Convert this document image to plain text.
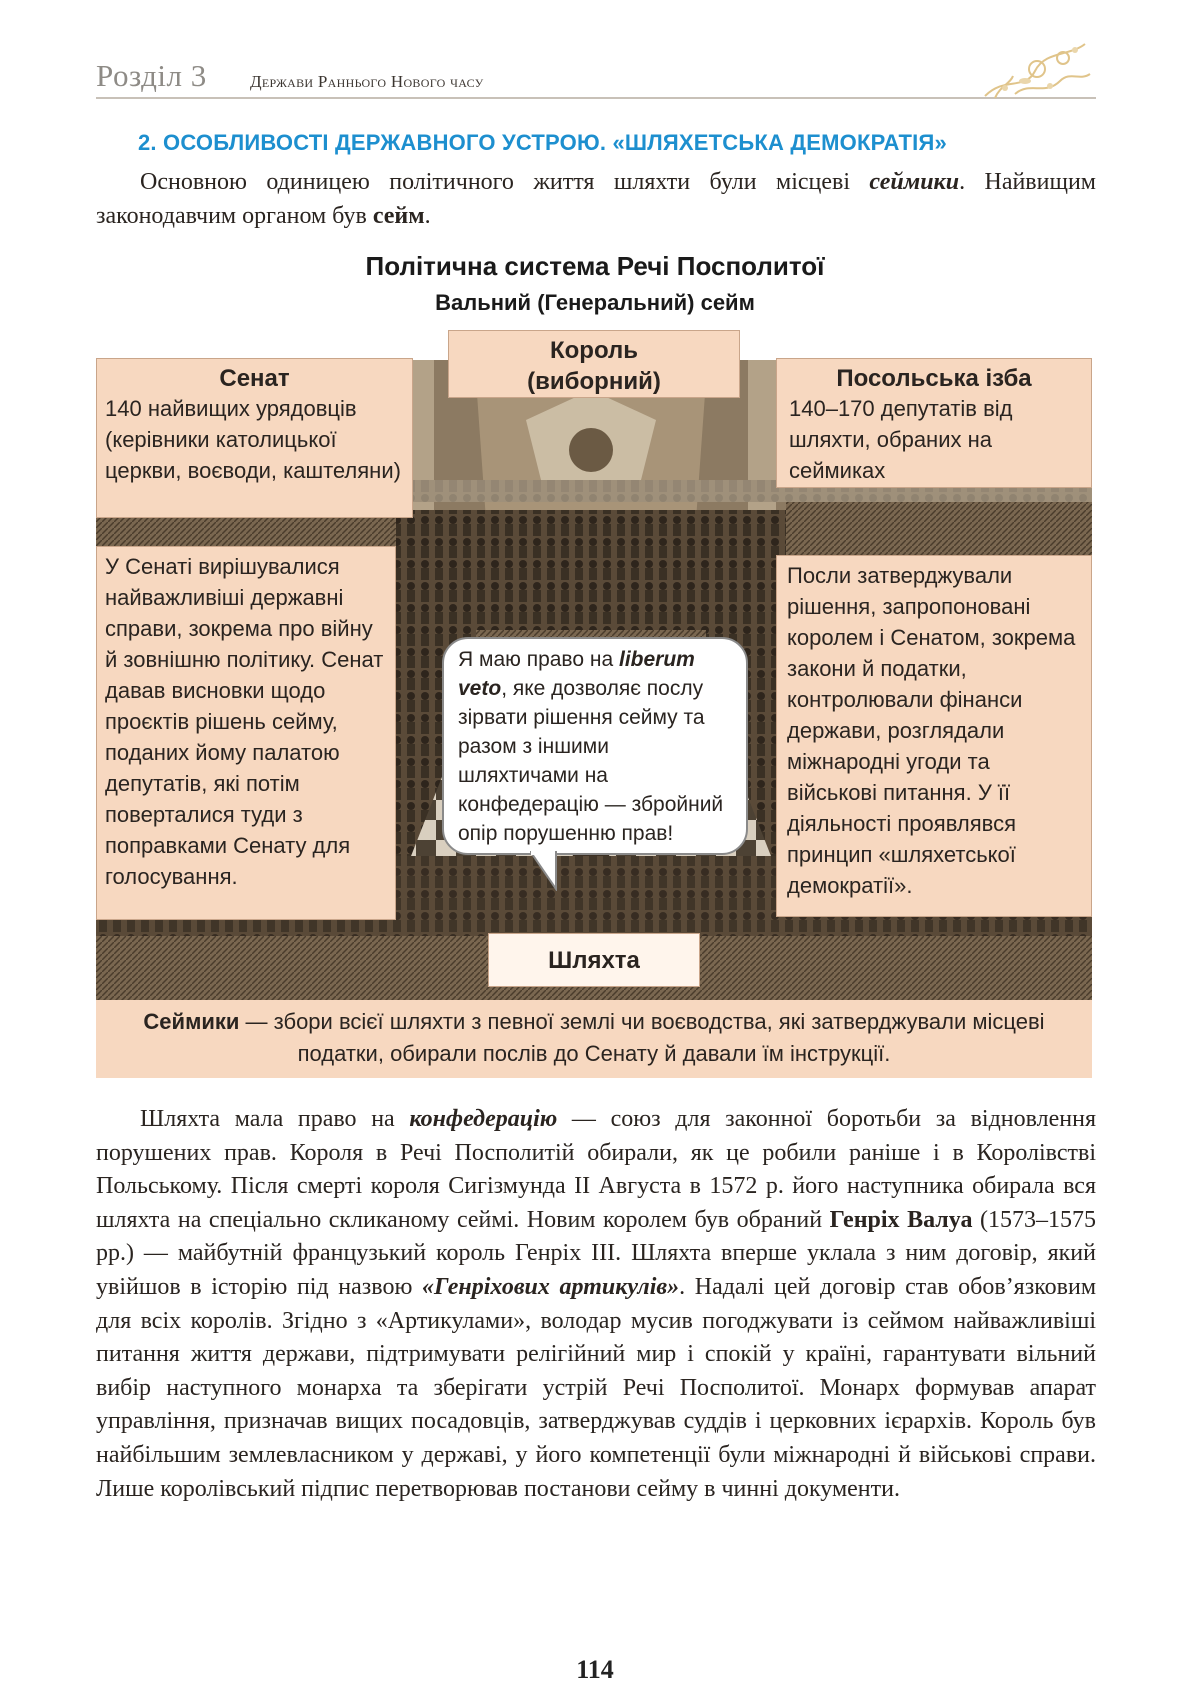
Розділ 3	Держави Раннього Нового часу
2. ОСОБЛИВОСТІ ДЕРЖАВНОГО УСТРОЮ. «ШЛЯХЕТСЬКА ДЕМОКРАТІЯ»
Основною одиницею політичного життя шляхти були місцеві сеймики. Найвищим законодавчим органом був сейм.
Політична система Речі Посполитої
Вальний (Генеральний) сейм
Король
(виборний)
Сенат
140 найвищих урядовців (керівники католицької церкви, воєводи, каштеляни)
Посольська ізба
140–170 депутатів від шляхти, обраних на сеймиках
У Сенаті вирішувалися найважливіші державні справи, зокрема про війну й зовнішню політику. Сенат давав висновки щодо проєктів рішень сейму, поданих йому палатою депутатів, які потім поверталися туди з поправками Сенату для голосування.
Посли затверджували рішення, запропоновані королем і Сенатом, зокрема закони й податки, контролювали фінанси держави, розглядали міжнародні угоди та військові питання. У її діяльності проявлявся принцип «шляхетської демократії».
Я маю право на liberum veto, яке дозволяє послу зірвати рішення сейму та разом з іншими шляхтичами на конфедерацію — збройний опір порушенню прав!
Шляхта
Сеймики — збори всієї шляхти з певної землі чи воєводства, які затверджували місцеві податки, обирали послів до Сенату й давали їм інструкції.
Шляхта мала право на конфедерацію — союз для законної боротьби за відновлення порушених прав. Короля в Речі Посполитій обирали, як це робили раніше і в Королівстві Польському. Після смерті короля Сигізмунда II Августа в 1572 р. його наступника обирала вся шляхта на спеціально скликаному сеймі. Новим королем був обраний Генріх Валуа (1573–1575 рр.) — майбутній французький король Генріх III. Шляхта вперше уклала з ним договір, який увійшов в історію під назвою «Генріхових артикулів». Надалі цей договір став обов’язковим для всіх королів. Згідно з «Артикулами», володар мусив погоджувати із сеймом найважливіші питання життя держави, підтримувати релігійний мир і спокій у країні, гарантувати вільний вибір наступного монарха та зберігати устрій Речі Посполитої. Монарх формував апарат управління, призначав вищих посадовців, затверджував суддів і церковних ієрархів. Король був найбільшим землевласником у державі, у його компетенції були міжнародні й військові справи. Лише королівський підпис перетворював постанови сейму в чинні документи.
114
